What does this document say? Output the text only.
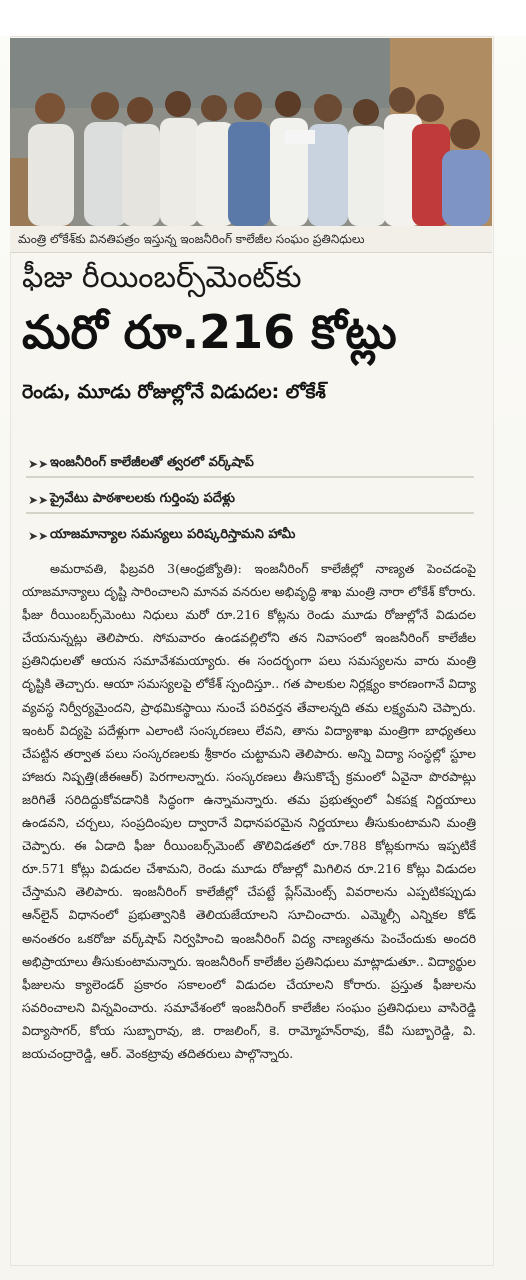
మంత్రి లోకేశ్‌కు వినతిపత్రం ఇస్తున్న ఇంజనీరింగ్ కాలేజీల సంఘం ప్రతినిధులు
ఫీజు రీయింబర్స్‌మెంట్‌కు
మరో రూ.216 కోట్లు
రెండు, మూడు రోజుల్లోనే విడుదల: లోకేశ్
➤➤ ఇంజనీరింగ్ కాలేజీలతో త్వరలో వర్క్‌షాప్
➤➤ ప్రైవేటు పాఠశాలలకు గుర్తింపు పదేళ్లు
➤➤ యాజమాన్యాల సమస్యలు పరిష్కరిస్తామని హామీ

అమరావతి, ఫిబ్రవరి 3(ఆంధ్రజ్యోతి): ఇంజనీరింగ్ కాలేజీల్లో నాణ్యత పెంచడంపై యాజమాన్యాలు దృష్టి సారించాలని మానవ వనరుల అభివృద్ధి శాఖ మంత్రి నారా లోకేశ్ కోరారు. ఫీజు రీయింబర్స్‌మెంటు నిధులు మరో రూ.216 కోట్లను రెండు మూడు రోజుల్లోనే విడుదల చేయనున్నట్లు తెలిపారు. సోమవారం ఉండవల్లిలోని తన నివాసంలో ఇంజనీరింగ్ కాలేజీల ప్రతినిధులతో ఆయన సమావేశమయ్యారు. ఈ సందర్భంగా పలు సమస్యలను వారు మంత్రి దృష్టికి తెచ్చారు. ఆయా సమస్యలపై లోకేశ్ స్పందిస్తూ.. గత పాలకుల నిర్లక్ష్యం కారణంగానే విద్యా వ్యవస్థ నిర్వీర్యమైందని, ప్రాథమికస్థాయి నుంచే పరివర్తన తేవాలన్నది తమ లక్ష్యమని చెప్పారు. ఇంటర్ విద్యపై పదేళ్లుగా ఎలాంటి సంస్కరణలు లేవని, తాను విద్యాశాఖ మంత్రిగా బాధ్యతలు చేపట్టిన తర్వాత పలు సంస్కరణలకు శ్రీకారం చుట్టామని తెలిపారు. అన్ని విద్యా సంస్థల్లో స్టూల హాజరు నిష్పత్తి(జీఈఆర్) పెరగాలన్నారు. సంస్కరణలు తీసుకొచ్చే క్రమంలో ఏవైనా పొరపాట్లు జరిగితే సరిదిద్దుకోవడానికి సిద్ధంగా ఉన్నామన్నారు. తమ ప్రభుత్వంలో ఏకపక్ష నిర్ణయాలు ఉండవని, చర్చలు, సంప్రదింపుల ద్వారానే విధానపరమైన నిర్ణయాలు తీసుకుంటామని మంత్రి చెప్పారు. ఈ ఏడాది ఫీజు రీయింబర్స్‌మెంట్ తొలివిడతలో రూ.788 కోట్లకుగాను ఇప్పటికే రూ.571 కోట్లు విడుదల చేశామని, రెండు మూడు రోజుల్లో మిగిలిన రూ.216 కోట్లు విడుదల చేస్తామని తెలిపారు. ఇంజనీరింగ్ కాలేజీల్లో చేపట్టే ప్లేస్‌మెంట్స్ వివరాలను ఎప్పటికప్పుడు ఆన్‌లైన్ విధానంలో ప్రభుత్వానికి తెలియజేయాలని సూచించారు. ఎమ్మెల్సీ ఎన్నికల కోడ్ అనంతరం ఒకరోజు వర్క్‌షాప్ నిర్వహించి ఇంజనీరింగ్ విద్య నాణ్యతను పెంచేందుకు అందరి అభిప్రాయాలు తీసుకుంటామన్నారు. ఇంజనీరింగ్ కాలేజీల ప్రతినిధులు మాట్లాడుతూ.. విద్యార్థుల ఫీజులను క్యాలెండర్ ప్రకారం సకాలంలో విడుదల చేయాలని కోరారు. ప్రస్తుత ఫీజులను సవరించాలని విన్నవించారు. సమావేశంలో ఇంజనీరింగ్ కాలేజీల సంఘం ప్రతినిధులు వాసిరెడ్డి విద్యాసాగర్, కోయ సుబ్బారావు, జి. రాజలింగ్, కె. రామ్మోహన్‌రావు, కేవీ సుబ్బారెడ్డి, వి. జయచంద్రారెడ్డి, ఆర్. వెంకట్రావు తదితరులు పాల్గొన్నారు.
